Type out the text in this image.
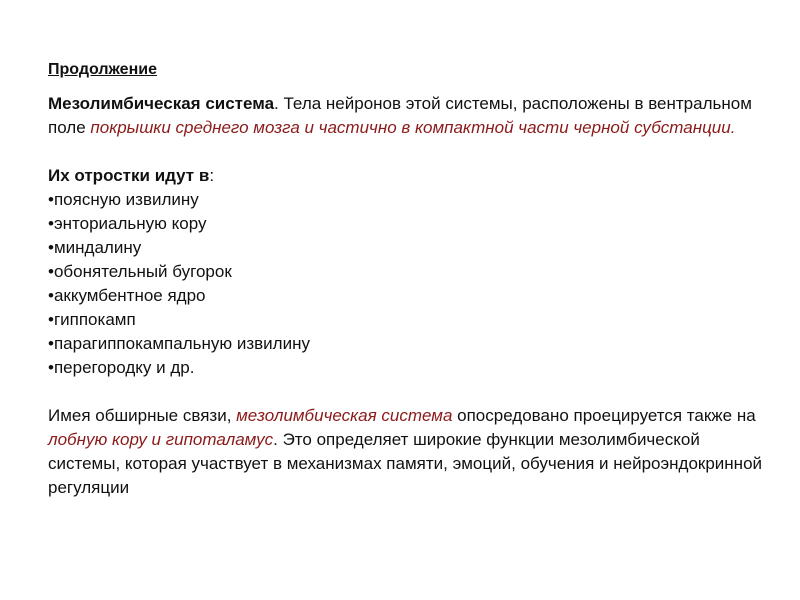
Продолжение

Мезолимбическая система. Тела нейронов этой системы, расположены в вентральном поле покрышки среднего мозга и частично в компактной части черной субстанции.

Их отростки идут в:
•поясную извилину
•энториальную кору
•миндалину
•обонятельный бугорок
•аккумбентное ядро
•гиппокамп
•парагиппокампальную извилину
•перегородку и др.

Имея обширные связи, мезолимбическая система опосредовано проецируется также на лобную кору и гипоталамус. Это определяет широкие функции мезолимбической системы, которая участвует в механизмах памяти, эмоций, обучения и нейроэндокринной регуляции
